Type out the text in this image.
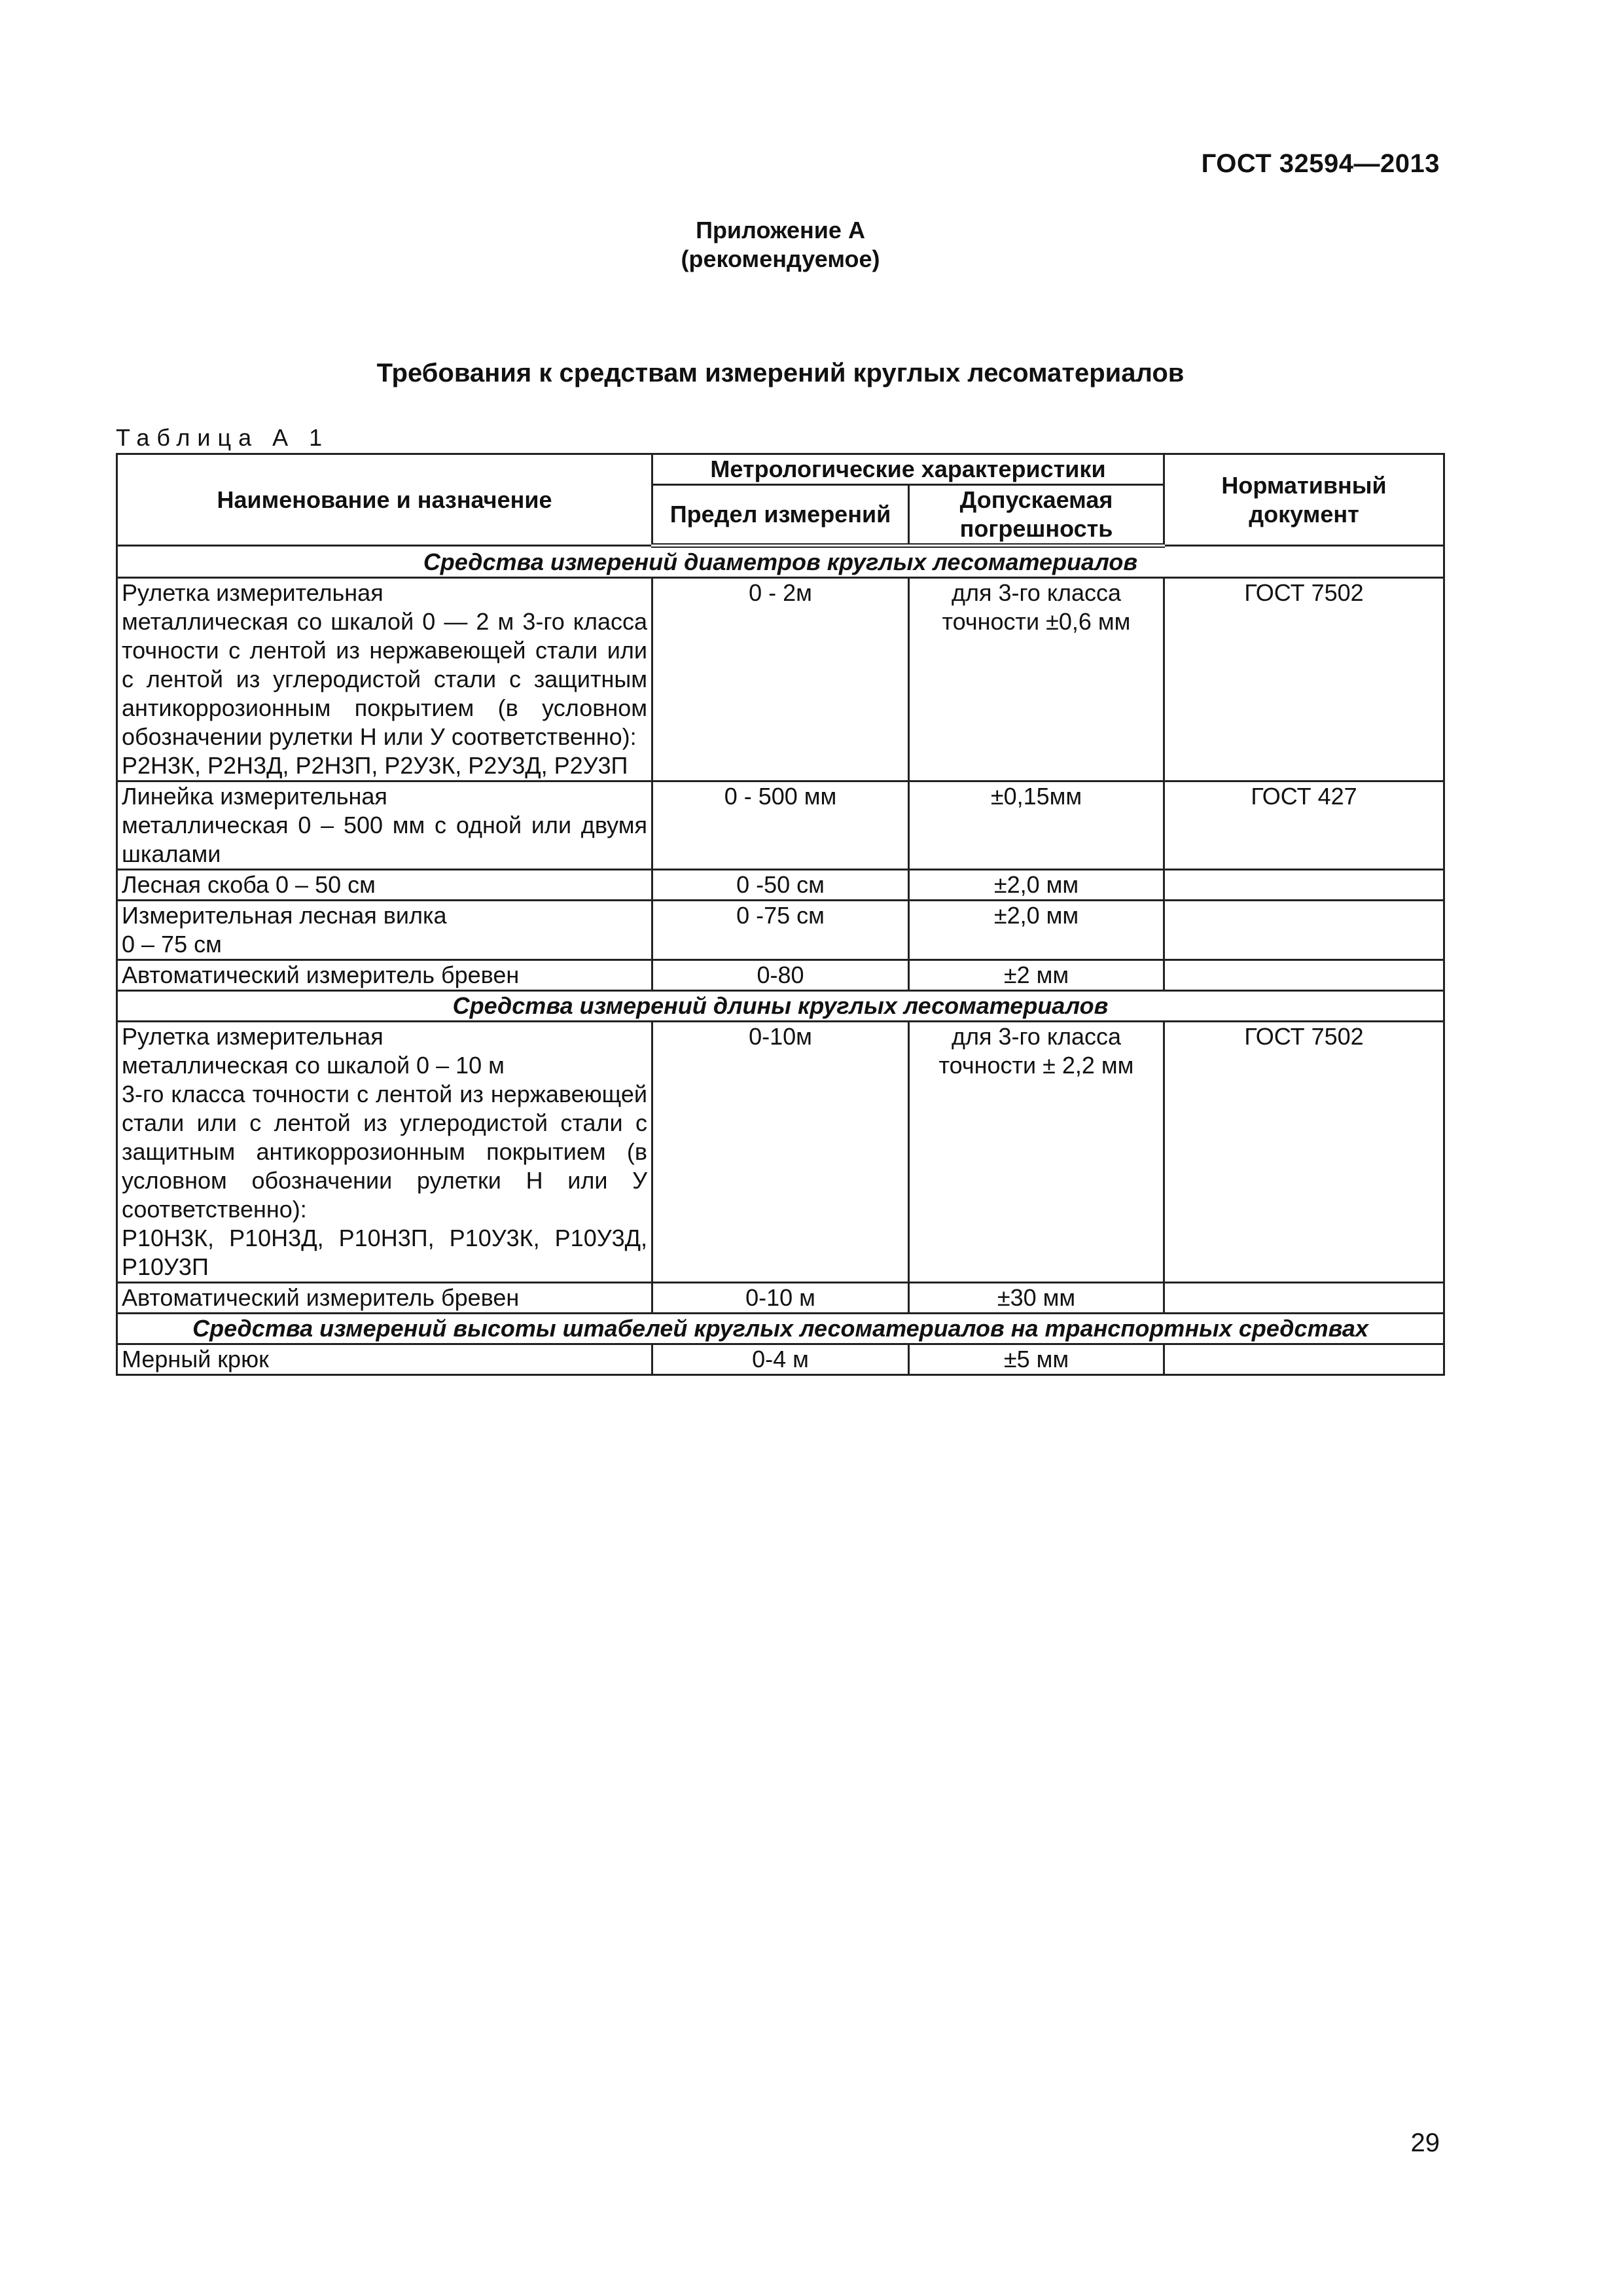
ГОСТ 32594—2013
Приложение А
(рекомендуемое)
Требования к средствам измерений круглых лесоматериалов
Таблица А 1
Наименование и назначение	Метрологические характеристики		Нормативный документ
	Предел измерений	Допускаемая погрешность	
Средства измерений диаметров круглых лесоматериалов			
Рулетка измерительная
металлическая со шкалой 0 — 2 м 3-го класса точности с лентой из нержавеющей стали или с лентой из углеродистой стали с защитным антикоррозионным покрытием (в условном обозначении рулетки Н или У соответственно):
Р2Н3К, Р2Н3Д, Р2Н3П, Р2У3К, Р2У3Д, Р2У3П	0 - 2м	для 3-го класса точности ±0,6 мм	ГОСТ 7502
Линейка измерительная
металлическая 0 – 500 мм с одной или двумя шкалами	0 - 500 мм	±0,15мм	ГОСТ 427
Лесная скоба 0 – 50 см	0 -50 см	±2,0 мм	
Измерительная лесная вилка
0 – 75 см	0 -75 см	±2,0 мм	
Автоматический измеритель бревен	0-80	±2 мм	
Средства измерений длины круглых лесоматериалов			
Рулетка измерительная
металлическая со шкалой 0 – 10 м
3-го класса точности с лентой из нержавеющей стали или с лентой из углеродистой стали с защитным антикоррозионным покрытием (в условном обозначении рулетки Н или У соответственно):
Р10Н3К, Р10Н3Д, Р10Н3П, Р10У3К, Р10У3Д, Р10У3П	0-10м	для 3-го класса точности ± 2,2 мм	ГОСТ 7502
Автоматический измеритель бревен	0-10 м	±30 мм	
Средства измерений высоты штабелей круглых лесоматериалов на транспортных средствах			
Мерный крюк	0-4 м	±5 мм	
29
